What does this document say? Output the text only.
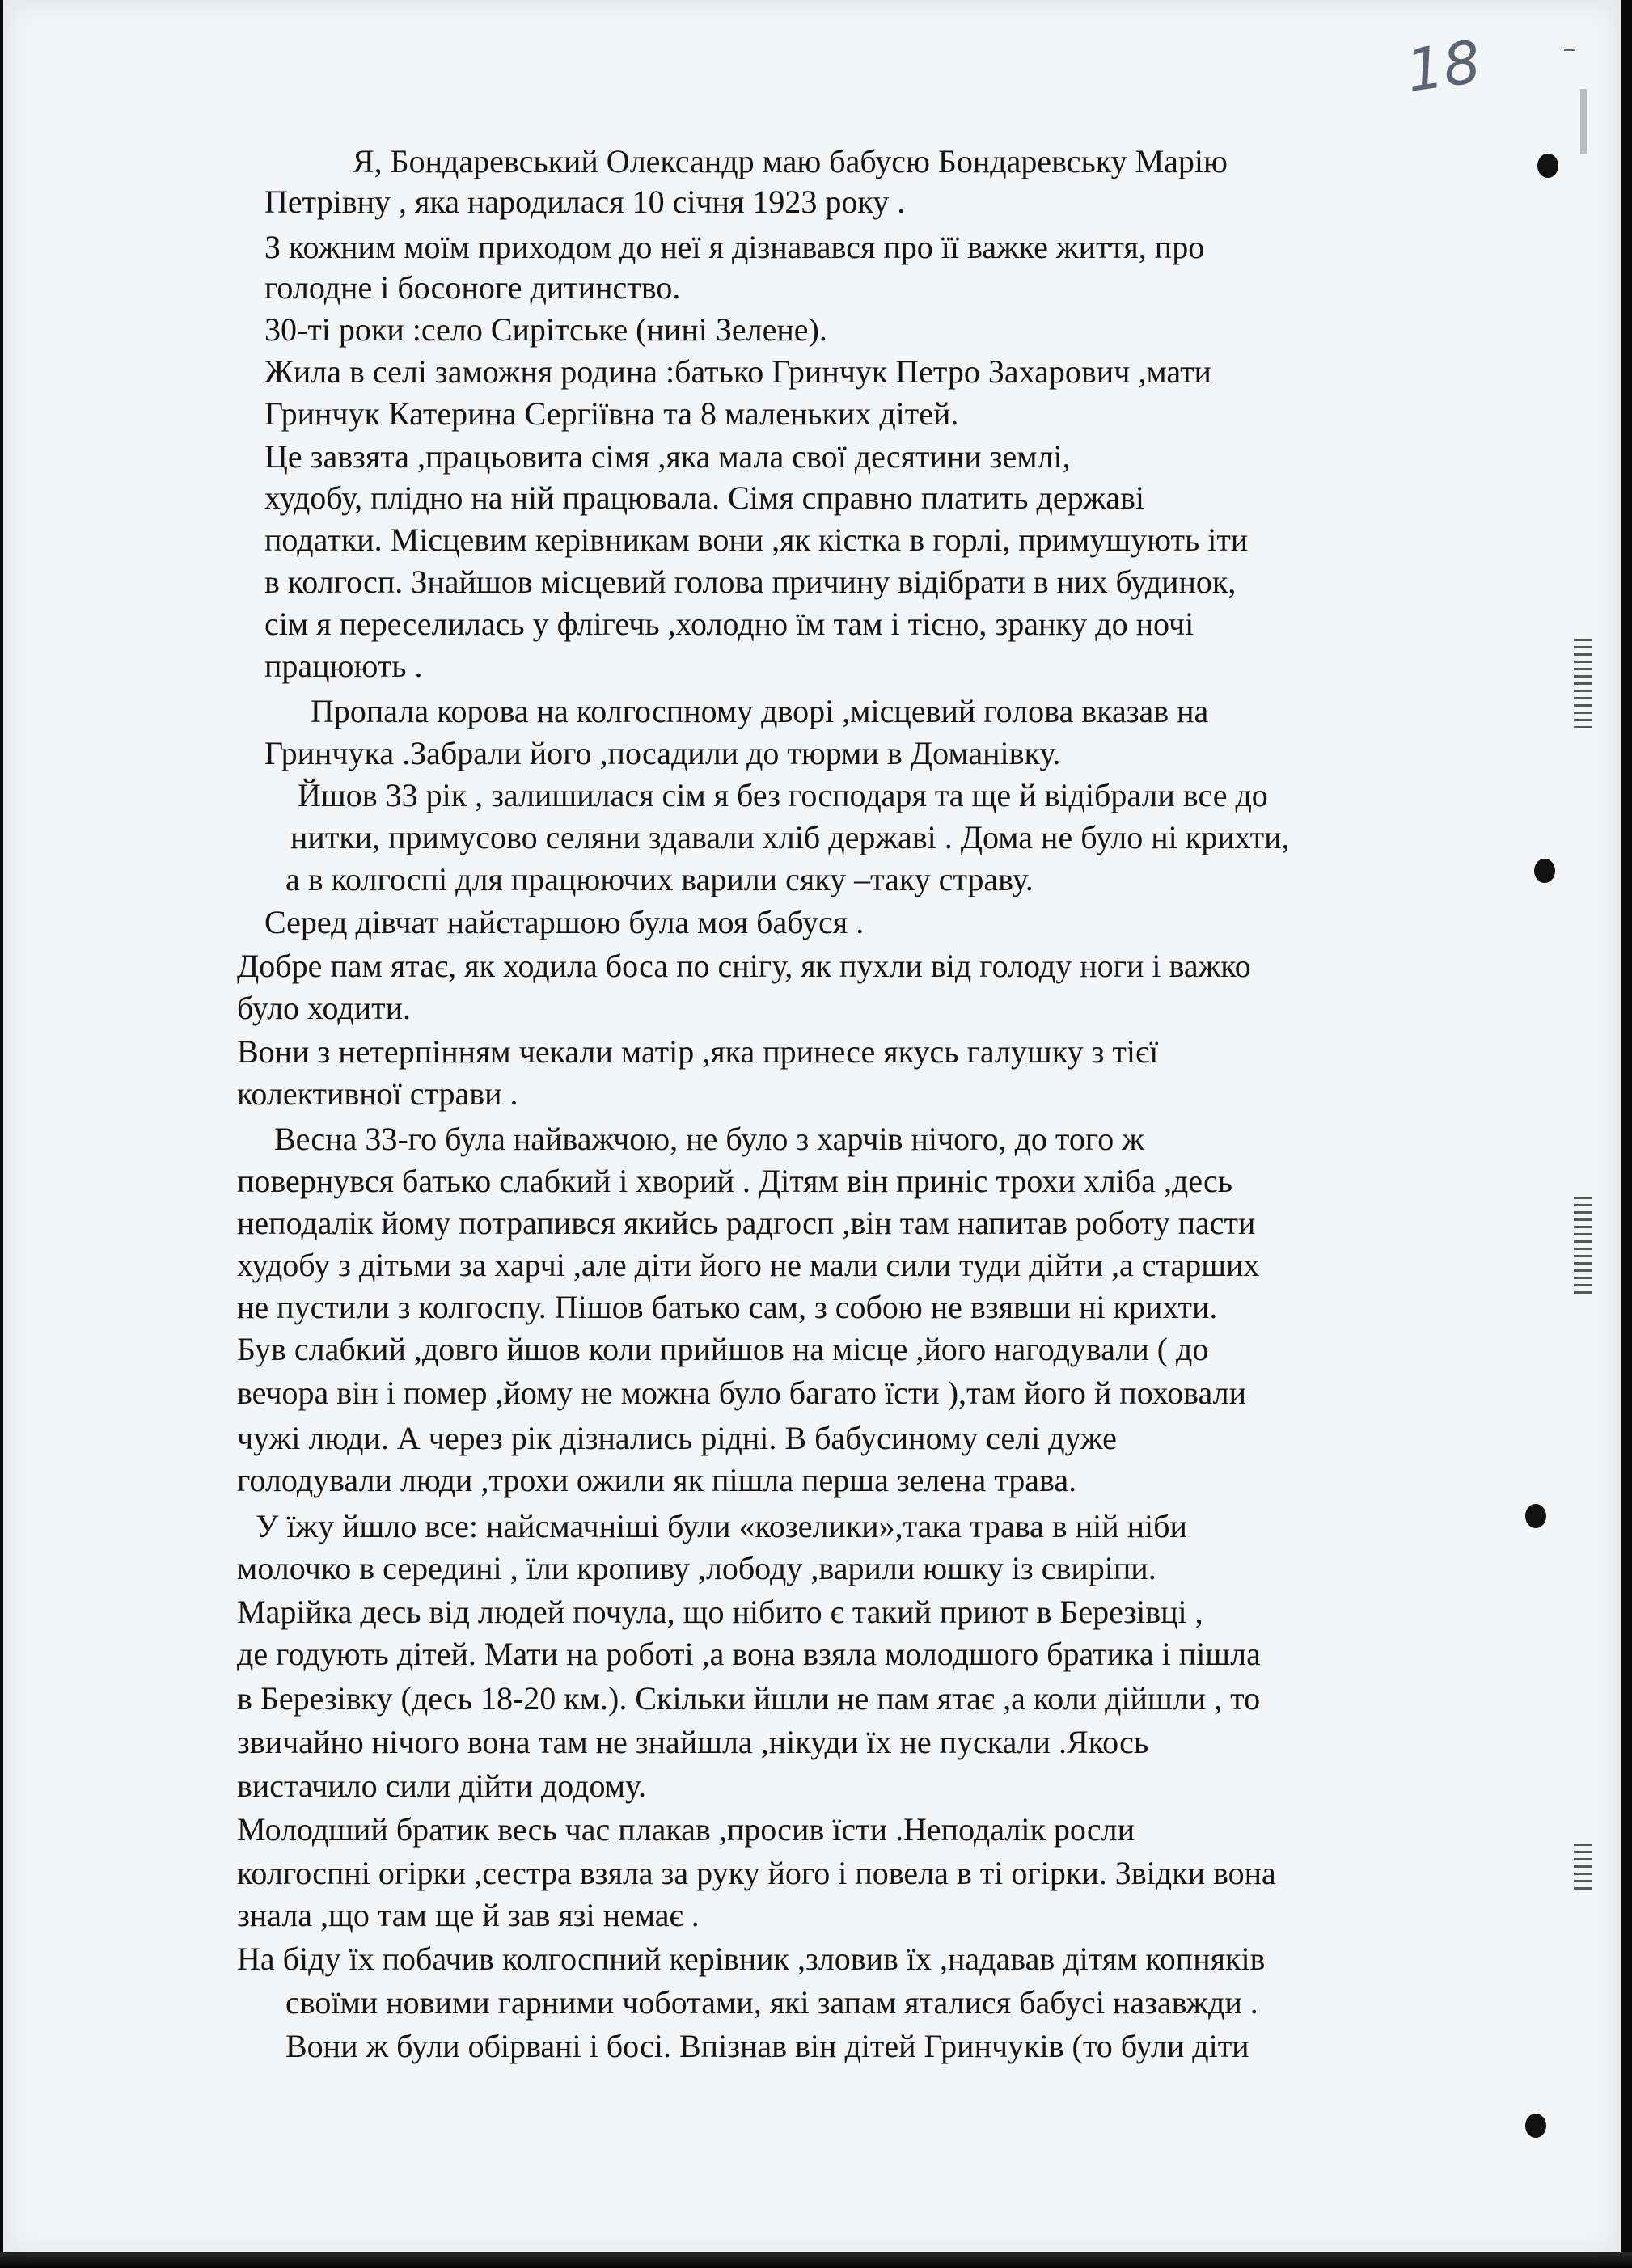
18

Я, Бондаревський Олександр маю бабусю Бондаревську Марію

Петрівну , яка народилася 10 січня 1923 року .

З кожним моїм приходом до неї я дізнавався про її важке життя, про

голодне і босоноге дитинство.

30-ті роки :село Сирітське (нині Зелене).

Жила в селі заможня родина :батько Гринчук Петро Захарович ,мати

Гринчук Катерина Сергіївна та 8 маленьких дітей.

Це завзята ,працьовита сімя ,яка мала свої десятини землі,

худобу, плідно на ній працювала. Сімя справно платить державі

податки. Місцевим керівникам вони ,як кістка в горлі, примушують іти

в колгосп. Знайшов місцевий голова причину відібрати в них будинок,

сім я переселилась у флігечь ,холодно їм там і тісно, зранку до ночі

працюють .

Пропала корова на колгоспному дворі ,місцевий голова вказав на

Гринчука .Забрали його ,посадили до тюрми в Доманівку.

Йшов 33 рік , залишилася сім я без господаря та ще й відібрали все до

нитки, примусово селяни здавали хліб державі . Дома не було ні крихти,

а в колгоспі для працюючих варили сяку –таку страву.

Серед дівчат найстаршою була моя бабуся .

Добре пам ятає, як ходила боса по снігу, як пухли від голоду ноги і важко

було ходити.

Вони з нетерпінням чекали матір ,яка принесе якусь галушку з тієї

колективної страви .

Весна 33-го була найважчою, не було з харчів нічого, до того ж

повернувся батько слабкий і хворий . Дітям він приніс трохи хліба ,десь

неподалік йому потрапився якийсь радгосп ,він там напитав роботу пасти

худобу з дітьми за харчі ,але діти його не мали сили туди дійти ,а старших

не пустили з колгоспу. Пішов батько сам, з собою не взявши ні крихти.

Був слабкий ,довго йшов коли прийшов на місце ,його нагодували ( до

вечора він і помер ,йому не можна було багато їсти ),там його й поховали

чужі люди. А через рік дізнались рідні. В бабусиному селі дуже

голодували люди ,трохи ожили як пішла перша зелена трава.

У їжу йшло все: найсмачніші були «козелики»,така трава в ній ніби

молочко в середині , їли кропиву ,лободу ,варили юшку із свиріпи.

Марійка десь від людей почула, що нібито є такий приют в Березівці ,

де годують дітей. Мати на роботі ,а вона взяла молодшого братика і пішла

в Березівку (десь 18-20 км.). Скільки йшли не пам ятає ,а коли дійшли , то

звичайно нічого вона там не знайшла ,нікуди їх не пускали .Якось

вистачило сили дійти додому.

Молодший братик весь час плакав ,просив їсти .Неподалік росли

колгоспні огірки ,сестра взяла за руку його і повела в ті огірки. Звідки вона

знала ,що там ще й зав язі немає .

На біду їх побачив колгоспний керівник ,зловив їх ,надавав дітям копняків

своїми новими гарними чоботами, які запам яталися бабусі назавжди .

Вони ж були обірвані і босі. Впізнав він дітей Гринчуків (то були діти
